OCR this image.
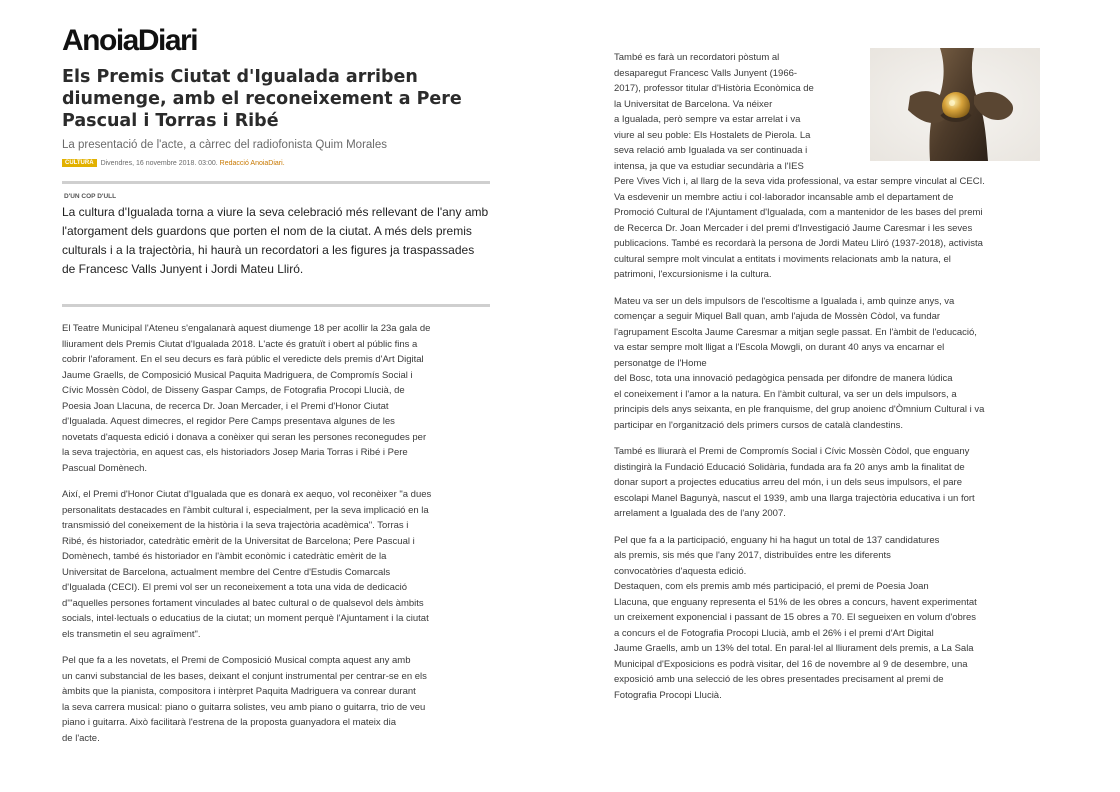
AnoiaDiari
Els Premis Ciutat d'Igualada arriben diumenge, amb el reconeixement a Pere Pascual i Torras i Ribé
La presentació de l'acte, a càrrec del radiofonista Quim Morales
CULTURA Divendres, 16 novembre 2018. 03:00. Redacció AnoiaDiari.
D'UN COP D'ULL
La cultura d'Igualada torna a viure la seva celebració més rellevant de l'any amb l'atorgament dels guardons que porten el nom de la ciutat. A més dels premis culturals i a la trajectòria, hi haurà un recordatori a les figures ja traspassades de Francesc Valls Junyent i Jordi Mateu Lliró.

El Teatre Municipal l'Ateneu s'engalanarà aquest diumenge 18 per acollir la 23a gala de
lliurament dels Premis Ciutat d'Igualada 2018. L'acte és gratuït i obert al públic fins a
cobrir l'aforament. En el seu decurs es farà públic el veredicte dels premis d'Art Digital
Jaume Graells, de Composició Musical Paquita Madriguera, de Compromís Social i
Cívic Mossèn Còdol, de Disseny Gaspar Camps, de Fotografia Procopi Llucià, de
Poesia Joan Llacuna, de recerca Dr. Joan Mercader, i el Premi d'Honor Ciutat
d'Igualada. Aquest dimecres, el regidor Pere Camps presentava algunes de les
novetats d'aquesta edició i donava a conèixer qui seran les persones reconegudes per
la seva trajectòria, en aquest cas, els historiadors Josep Maria Torras i Ribé i Pere
Pascual Domènech.

Així, el Premi d'Honor Ciutat d'Igualada que es donarà ex aequo, vol reconèixer "a dues
personalitats destacades en l'àmbit cultural i, especialment, per la seva implicació en la
transmissió del coneixement de la història i la seva trajectòria acadèmica". Torras i
Ribé, és historiador, catedràtic emèrit de la Universitat de Barcelona; Pere Pascual i
Domènech, també és historiador en l'àmbit econòmic i catedràtic emèrit de la
Universitat de Barcelona, actualment membre del Centre d'Estudis Comarcals
d'Igualada (CECI). El premi vol ser un reconeixement a tota una vida de dedicació
d'"aquelles persones fortament vinculades al batec cultural o de qualsevol dels àmbits
socials, intel·lectuals o educatius de la ciutat; un moment perquè l'Ajuntament i la ciutat
els transmetin el seu agraïment".

Pel que fa a les novetats, el Premi de Composició Musical compta aquest any amb
un canvi substancial de les bases, deixant el conjunt instrumental per centrar-se en els
àmbits que la pianista, compositora i intèrpret Paquita Madriguera va conrear durant
la seva carrera musical: piano o guitarra solistes, veu amb piano o guitarra, trio de veu
piano i guitarra. Això facilitarà l'estrena de la proposta guanyadora el mateix dia
de l'acte.

També es farà un recordatori pòstum al
desaparegut Francesc Valls Junyent (1966-
2017), professor titular d'Història Econòmica de
la Universitat de Barcelona. Va néixer
a Igualada, però sempre va estar arrelat i va
viure al seu poble: Els Hostalets de Pierola. La
seva relació amb Igualada va ser continuada i
intensa, ja que va estudiar secundària a l'IES

Pere Vives Vich i, al llarg de la seva vida professional, va estar sempre vinculat al CECI.
Va esdevenir un membre actiu i col·laborador incansable amb el departament de
Promoció Cultural de l'Ajuntament d'Igualada, com a mantenidor de les bases del premi
de Recerca Dr. Joan Mercader i del premi d'Investigació Jaume Caresmar i les seves
publicacions. També es recordarà la persona de Jordi Mateu Lliró (1937-2018), activista
cultural sempre molt vinculat a entitats i moviments relacionats amb la natura, el
patrimoni, l'excursionisme i la cultura.

Mateu va ser un dels impulsors de l'escoltisme a Igualada i, amb quinze anys, va
començar a seguir Miquel Ball quan, amb l'ajuda de Mossèn Còdol, va fundar
l'agrupament Escolta Jaume Caresmar a mitjan segle passat. En l'àmbit de l'educació,
va estar sempre molt lligat a l'Escola Mowgli, on durant 40 anys va encarnar el
personatge de l'Home
del Bosc, tota una innovació pedagògica pensada per difondre de manera lúdica
el coneixement i l'amor a la natura. En l'àmbit cultural, va ser un dels impulsors, a
principis dels anys seixanta, en ple franquisme, del grup anoienc d'Òmnium Cultural i va
participar en l'organització dels primers cursos de català clandestins.

També es lliurarà el Premi de Compromís Social i Cívic Mossèn Còdol, que enguany
distingirà la Fundació Educació Solidària, fundada ara fa 20 anys amb la finalitat de
donar suport a projectes educatius arreu del món, i un dels seus impulsors, el pare
escolapi Manel Bagunyà, nascut el 1939, amb una llarga trajectòria educativa i un fort
arrelament a Igualada des de l'any 2007.

Pel que fa a la participació, enguany hi ha hagut un total de 137 candidatures
als premis, sis més que l'any 2017, distribuïdes entre les diferents
convocatòries d'aquesta edició.
Destaquen, com els premis amb més participació, el premi de Poesia Joan
Llacuna, que enguany representa el 51% de les obres a concurs, havent experimentat
un creixement exponencial i passant de 15 obres a 70. El segueixen en volum d'obres
a concurs el de Fotografia Procopi Llucià, amb el 26% i el premi d'Art Digital
Jaume Graells, amb un 13% del total. En paral·lel al lliurament dels premis, a La Sala
Municipal d'Exposicions es podrà visitar, del 16 de novembre al 9 de desembre, una
exposició amb una selecció de les obres presentades precisament al premi de
Fotografia Procopi Llucià.
